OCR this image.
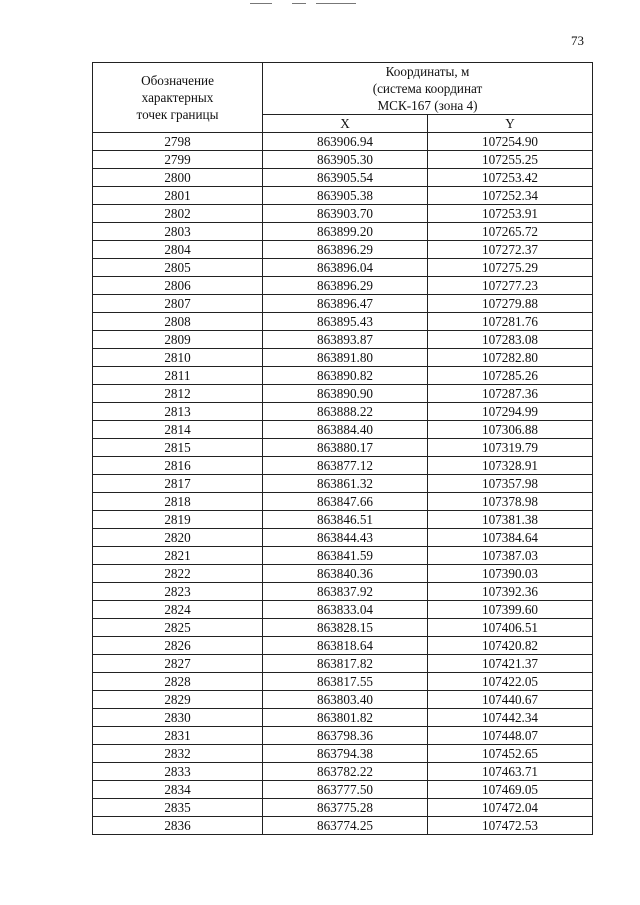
73
Обозначение
характерных
точек границы	Координаты, м
(система координат
МСК-167 (зона 4)	

	X	Y
2798	863906.94	107254.90
2799	863905.30	107255.25
2800	863905.54	107253.42
2801	863905.38	107252.34
2802	863903.70	107253.91
2803	863899.20	107265.72
2804	863896.29	107272.37
2805	863896.04	107275.29
2806	863896.29	107277.23
2807	863896.47	107279.88
2808	863895.43	107281.76
2809	863893.87	107283.08
2810	863891.80	107282.80
2811	863890.82	107285.26
2812	863890.90	107287.36
2813	863888.22	107294.99
2814	863884.40	107306.88
2815	863880.17	107319.79
2816	863877.12	107328.91
2817	863861.32	107357.98
2818	863847.66	107378.98
2819	863846.51	107381.38
2820	863844.43	107384.64
2821	863841.59	107387.03
2822	863840.36	107390.03
2823	863837.92	107392.36
2824	863833.04	107399.60
2825	863828.15	107406.51
2826	863818.64	107420.82
2827	863817.82	107421.37
2828	863817.55	107422.05
2829	863803.40	107440.67
2830	863801.82	107442.34
2831	863798.36	107448.07
2832	863794.38	107452.65
2833	863782.22	107463.71
2834	863777.50	107469.05
2835	863775.28	107472.04
2836	863774.25	107472.53
